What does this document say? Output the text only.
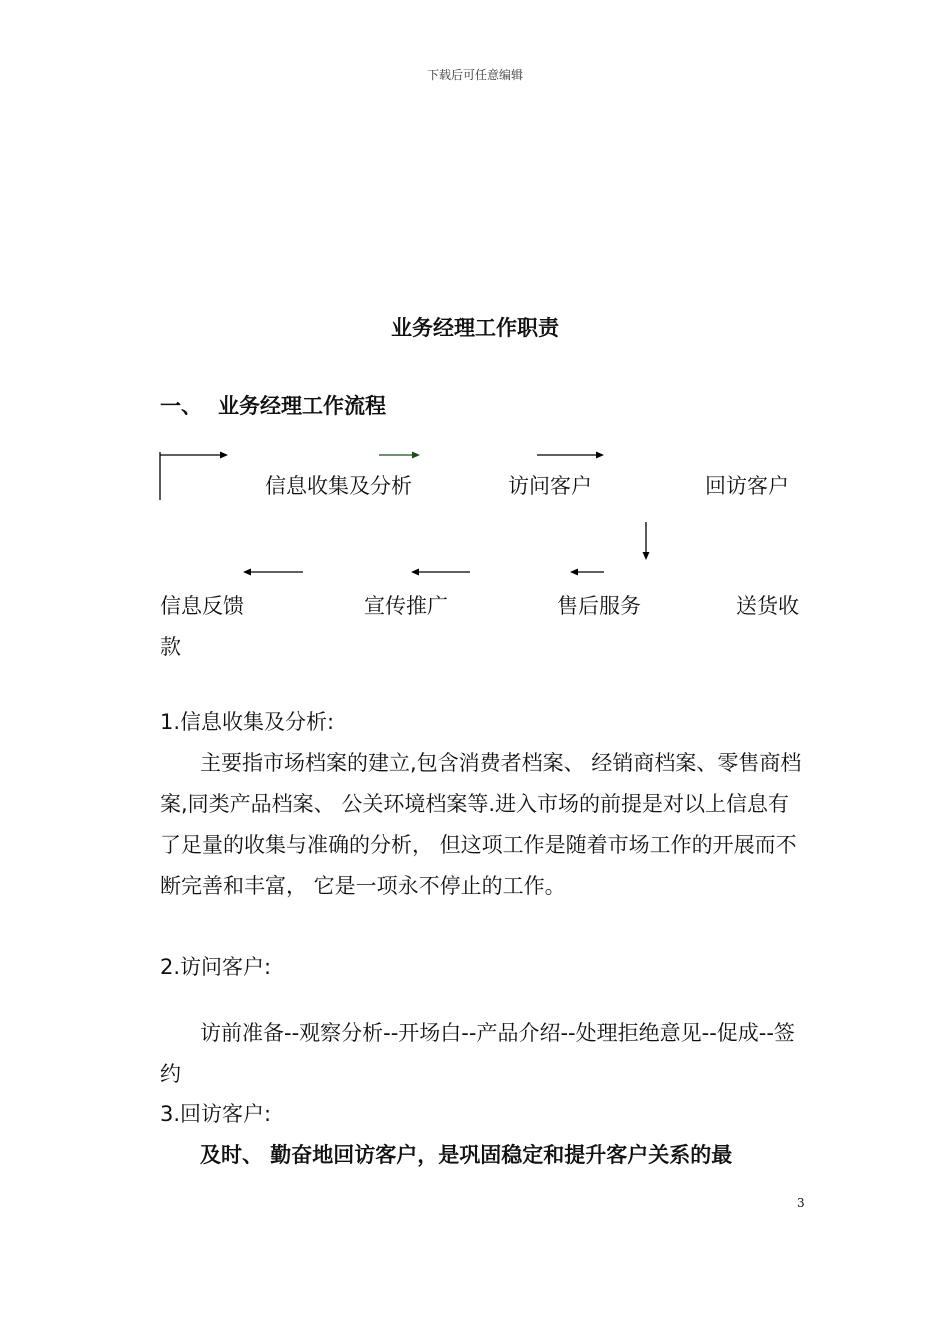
下载后可任意编辑
业务经理工作职责
一、 业务经理工作流程
信息收集及分析	访问客户	回访客户
信息反馈	宣传推广	售后服务	送货收
款
1.信息收集及分析:
主要指市场档案的建立,包含消费者档案、 经销商档案、零售商档案,同类产品档案、 公关环境档案等.进入市场的前提是对以上信息有了足量的收集与准确的分析， 但这项工作是随着市场工作的开展而不断完善和丰富， 它是一项永不停止的工作。
2.访问客户:
访前准备--观察分析--开场白--产品介绍--处理拒绝意见--促成--签约
3.回访客户:
及时、 勤奋地回访客户，是巩固稳定和提升客户关系的最
3
